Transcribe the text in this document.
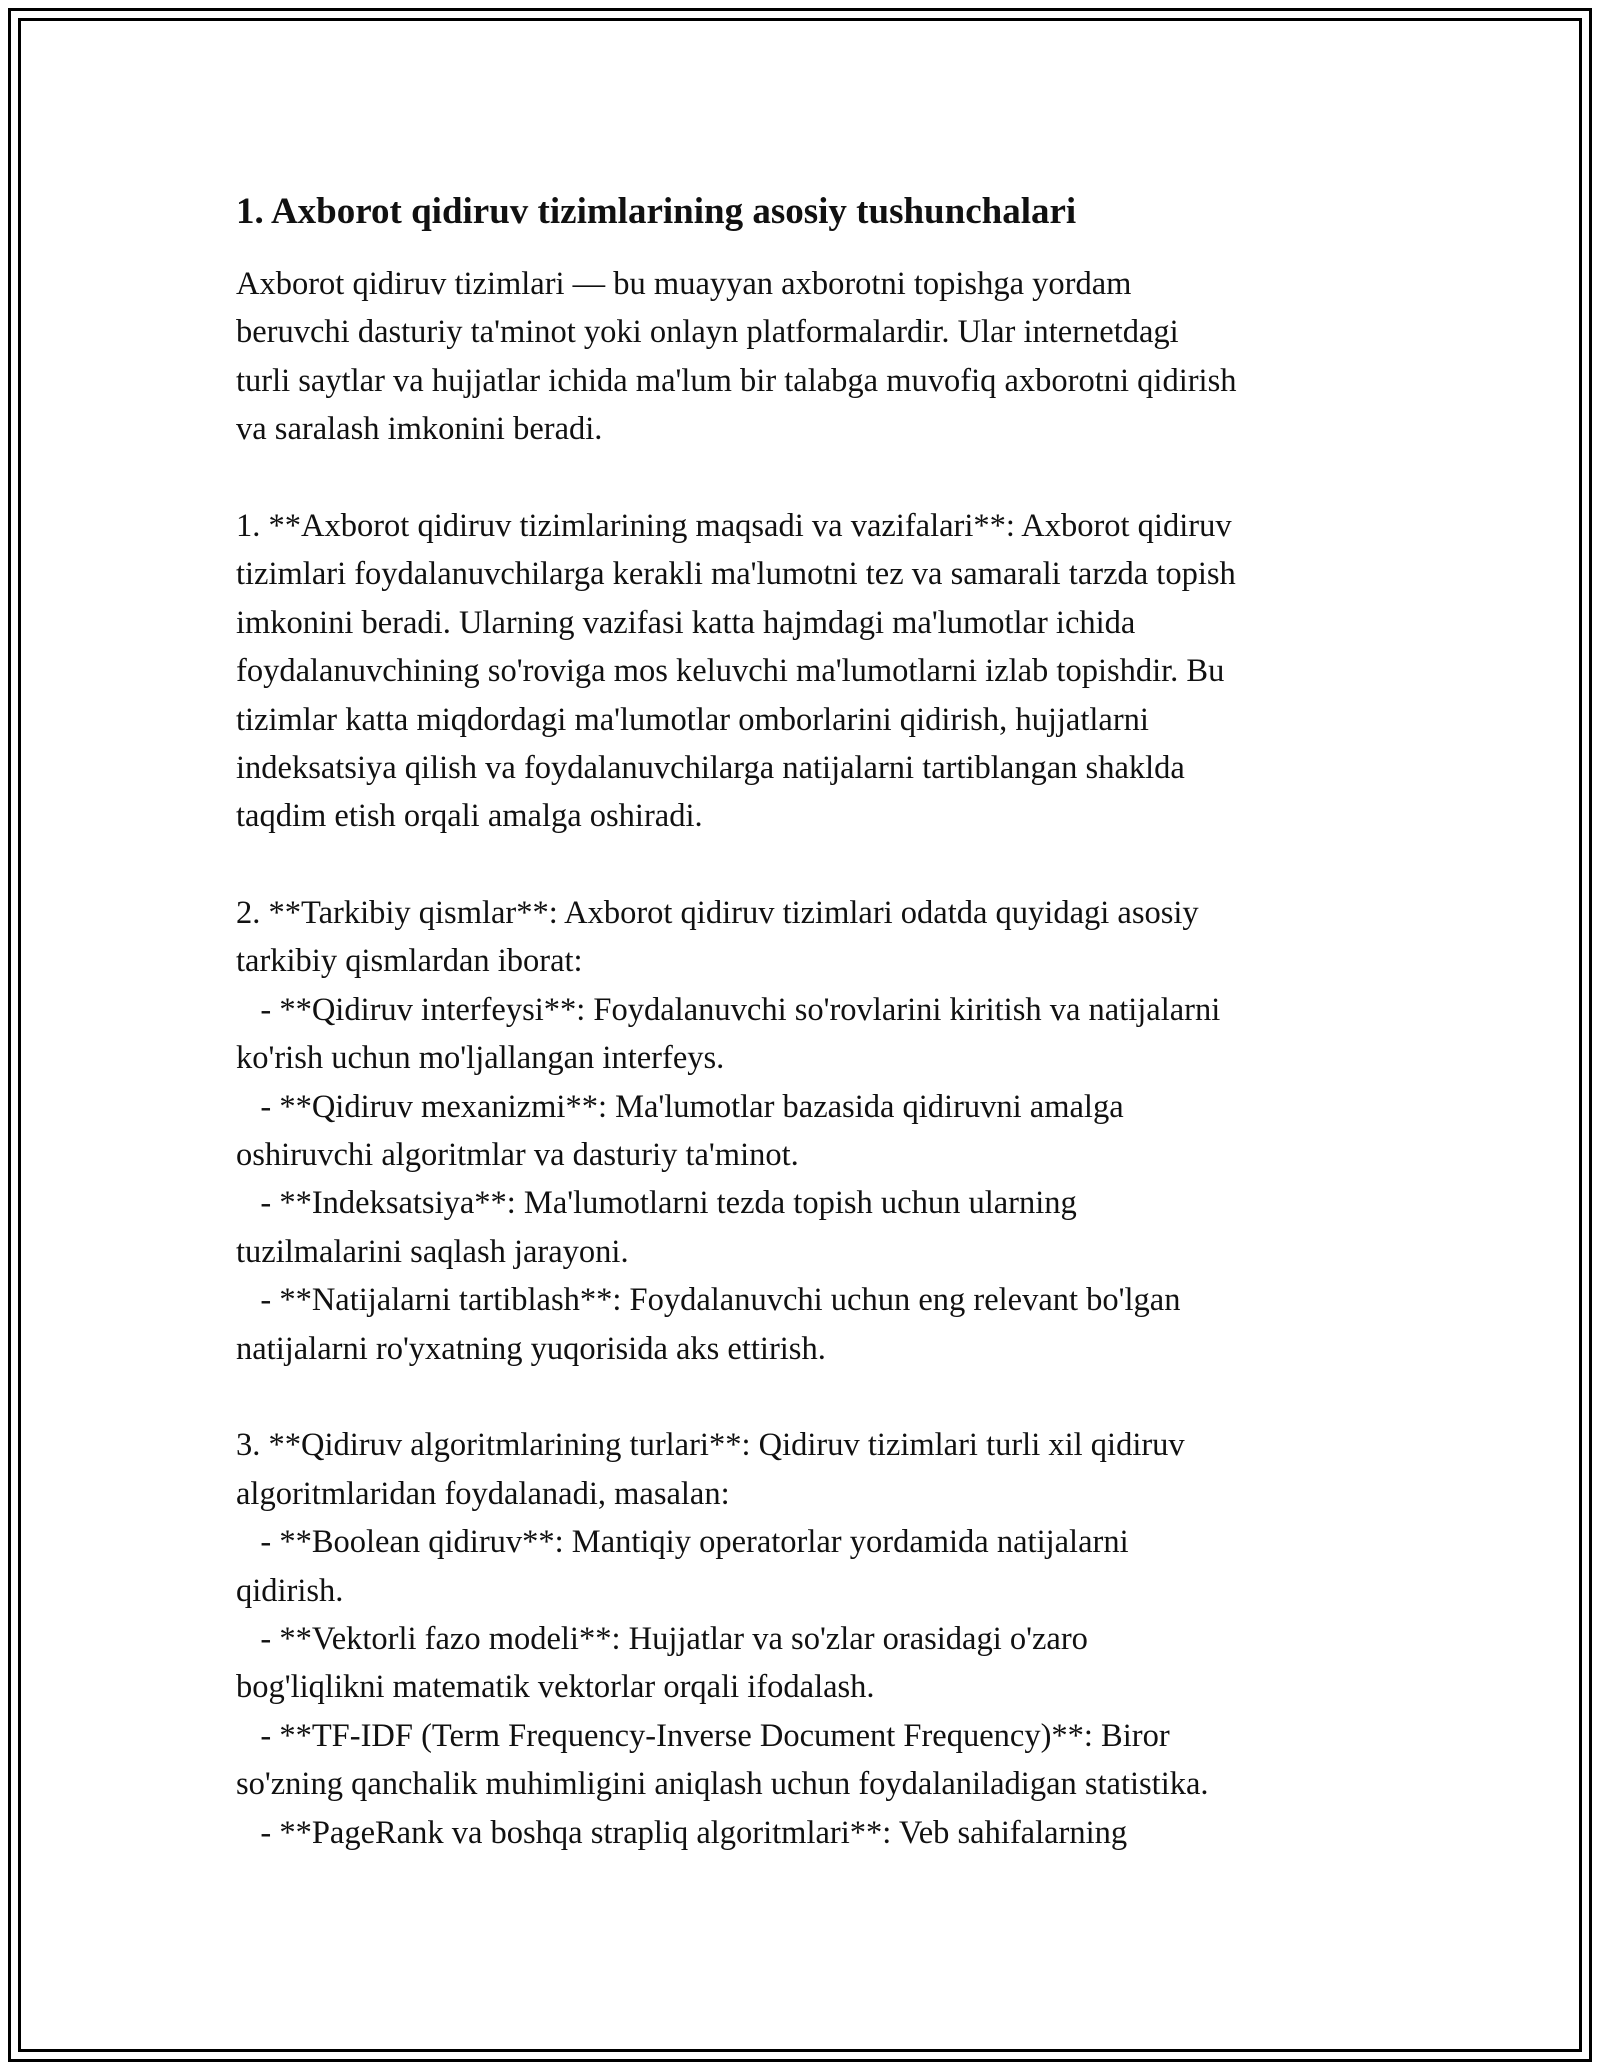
1. Axborot qidiruv tizimlarining asosiy tushunchalari
Axborot qidiruv tizimlari — bu muayyan axborotni topishga yordam
beruvchi dasturiy ta'minot yoki onlayn platformalardir. Ular internetdagi
turli saytlar va hujjatlar ichida ma'lum bir talabga muvofiq axborotni qidirish
va saralash imkonini beradi.
1. **Axborot qidiruv tizimlarining maqsadi va vazifalari**: Axborot qidiruv
tizimlari foydalanuvchilarga kerakli ma'lumotni tez va samarali tarzda topish
imkonini beradi. Ularning vazifasi katta hajmdagi ma'lumotlar ichida
foydalanuvchining so'roviga mos keluvchi ma'lumotlarni izlab topishdir. Bu
tizimlar katta miqdordagi ma'lumotlar omborlarini qidirish, hujjatlarni
indeksatsiya qilish va foydalanuvchilarga natijalarni tartiblangan shaklda
taqdim etish orqali amalga oshiradi.
2. **Tarkibiy qismlar**: Axborot qidiruv tizimlari odatda quyidagi asosiy
tarkibiy qismlardan iborat:
- **Qidiruv interfeysi**: Foydalanuvchi so'rovlarini kiritish va natijalarni
ko'rish uchun mo'ljallangan interfeys.
- **Qidiruv mexanizmi**: Ma'lumotlar bazasida qidiruvni amalga
oshiruvchi algoritmlar va dasturiy ta'minot.
- **Indeksatsiya**: Ma'lumotlarni tezda topish uchun ularning
tuzilmalarini saqlash jarayoni.
- **Natijalarni tartiblash**: Foydalanuvchi uchun eng relevant bo'lgan
natijalarni ro'yxatning yuqorisida aks ettirish.
3. **Qidiruv algoritmlarining turlari**: Qidiruv tizimlari turli xil qidiruv
algoritmlaridan foydalanadi, masalan:
- **Boolean qidiruv**: Mantiqiy operatorlar yordamida natijalarni
qidirish.
- **Vektorli fazo modeli**: Hujjatlar va so'zlar orasidagi o'zaro
bog'liqlikni matematik vektorlar orqali ifodalash.
- **TF-IDF (Term Frequency-Inverse Document Frequency)**: Biror
so'zning qanchalik muhimligini aniqlash uchun foydalaniladigan statistika.
- **PageRank va boshqa strapliq algoritmlari**: Veb sahifalarning
